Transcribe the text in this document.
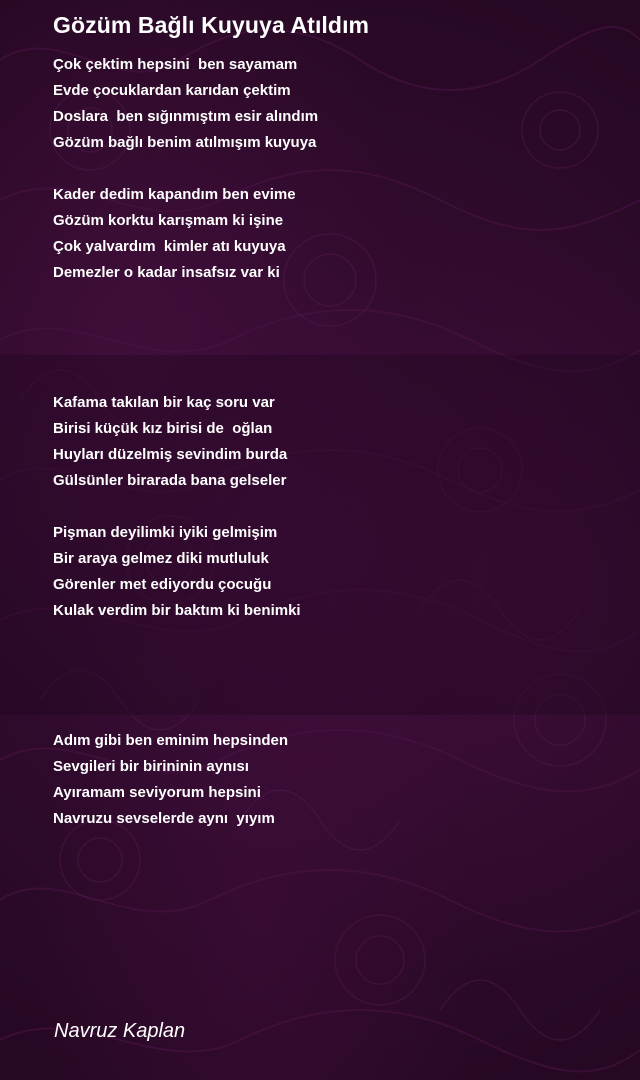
Gözüm Bağlı Kuyuya Atıldım
Çok çektim hepsini  ben sayamam
Evde çocuklardan karıdan çektim
Doslara  ben sığınmıştım esir alındım
Gözüm bağlı benim atılmışım kuyuya
Kader dedim kapandım ben evime
Gözüm korktu karışmam ki işine
Çok yalvardım  kimler atı kuyuya
Demezler o kadar insafsız var ki
Kafama takılan bir kaç soru var
Birisi küçük kız birisi de  oğlan
Huyları düzelmiş sevindim burda
Gülsünler birarada bana gelseler
Pişman deyilimki iyiki gelmişim
Bir araya gelmez diki mutluluk
Görenler met ediyordu çocuğu
Kulak verdim bir baktım ki benimki
Adım gibi ben eminim hepsinden
Sevgileri bir birininin aynısı
Ayıramam seviyorum hepsini
Navruzu sevselerde aynı  yıyım
Navruz Kaplan
